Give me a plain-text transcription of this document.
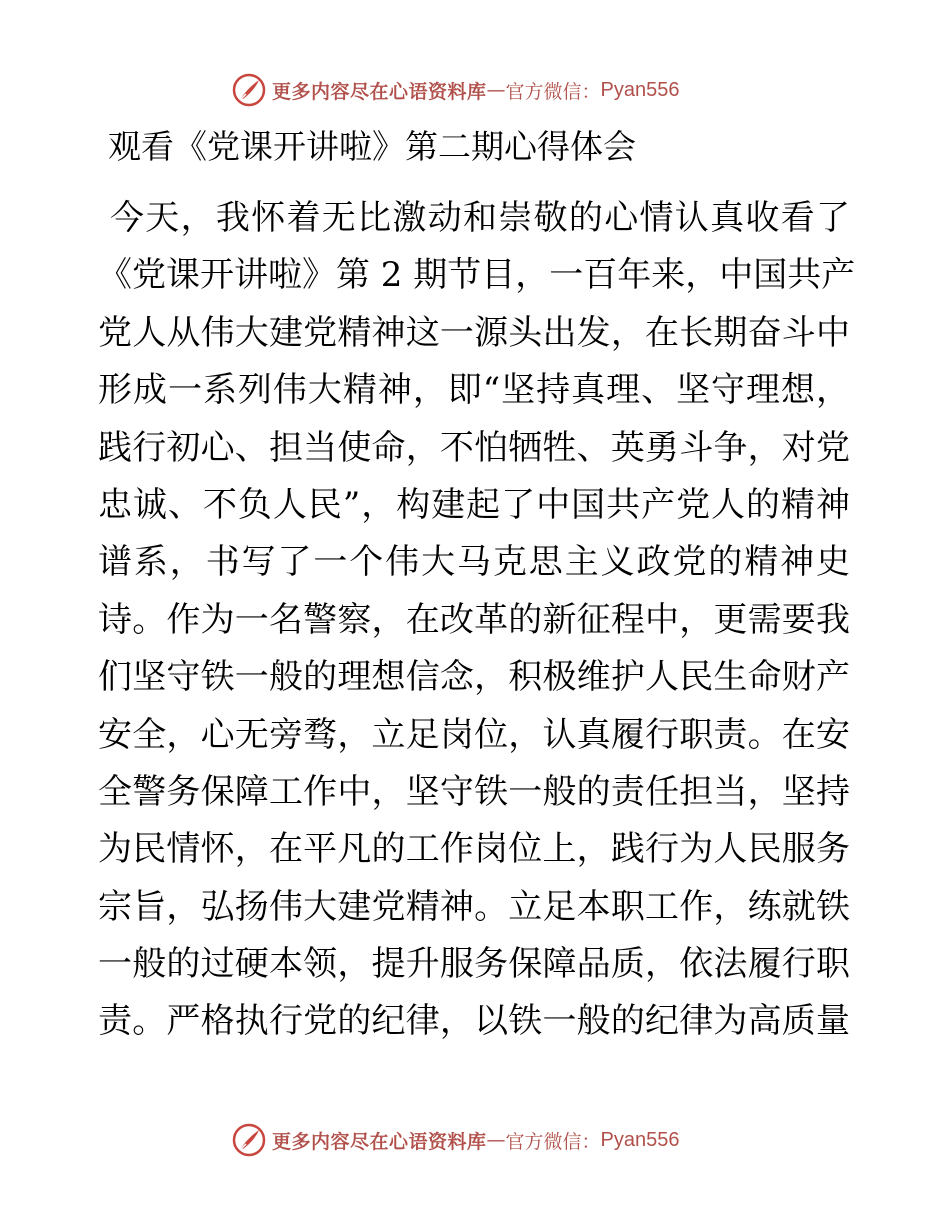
更多内容尽在心语资料库 — 官方微信： Pyan556
观看《党课开讲啦》第二期心得体会
今天，我怀着无比激动和崇敬的心情认真收看了
《党课开讲啦》第 2 期节目，一百年来，中国共产
党人从伟大建党精神这一源头出发，在长期奋斗中
形成一系列伟大精神，即“坚持真理、坚守理想，
践行初心、担当使命，不怕牺牲、英勇斗争，对党
忠诚、不负人民”，构建起了中国共产党人的精神
谱系，书写了一个伟大马克思主义政党的精神史
诗。作为一名警察，在改革的新征程中，更需要我
们坚守铁一般的理想信念，积极维护人民生命财产
安全，心无旁骛，立足岗位，认真履行职责。在安
全警务保障工作中，坚守铁一般的责任担当，坚持
为民情怀，在平凡的工作岗位上，践行为人民服务
宗旨，弘扬伟大建党精神。立足本职工作，练就铁
一般的过硬本领，提升服务保障品质，依法履行职
责。严格执行党的纪律，以铁一般的纪律为高质量
更多内容尽在心语资料库 — 官方微信： Pyan556
